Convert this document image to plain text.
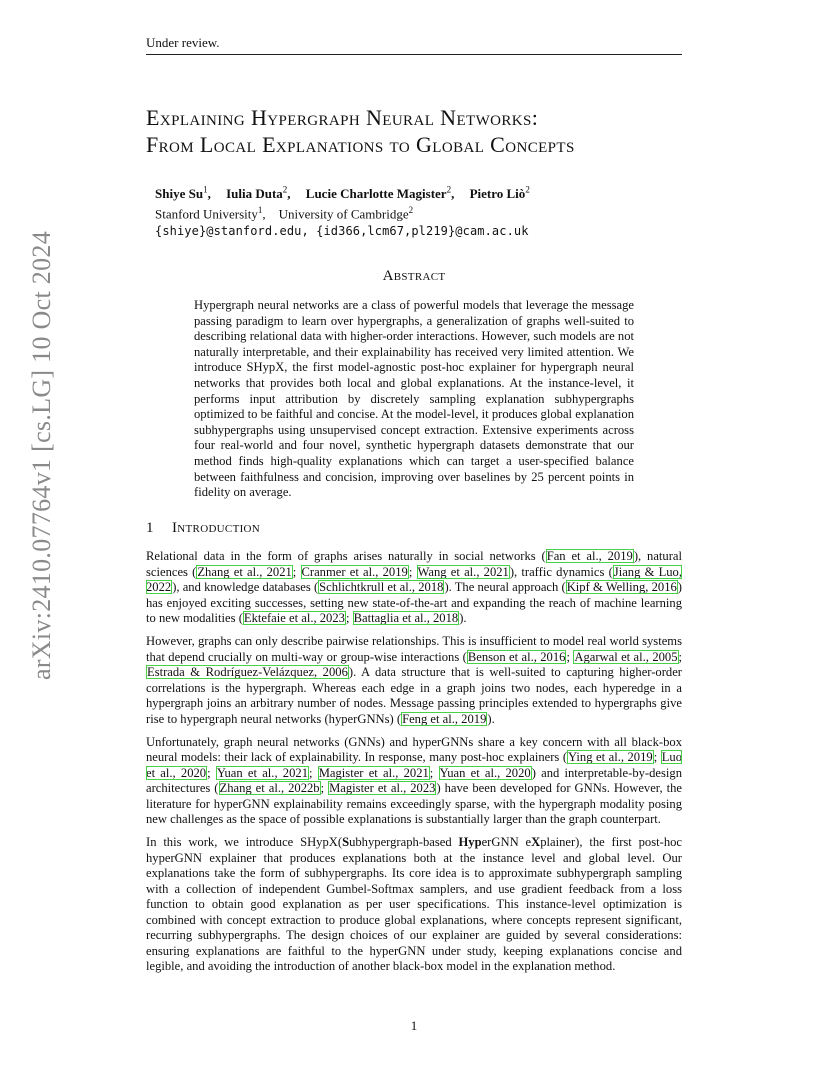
Under review.
arXiv:2410.07764v1 [cs.LG] 10 Oct 2024
Explaining Hypergraph Neural Networks:
From Local Explanations to Global Concepts
Shiye Su$^1$, Iulia Duta$^2$, Lucie Charlotte Magister$^2$, Pietro Liò$^2$
Stanford University$^1$,    University of Cambridge$^2$
{shiye}@stanford.edu, {id366,lcm67,pl219}@cam.ac.uk
Abstract
Hypergraph neural networks are a class of powerful models that leverage the message passing paradigm to learn over hypergraphs, a generalization of graphs well-suited to describing relational data with higher-order interactions. However, such models are not naturally interpretable, and their explainability has received very limited attention. We introduce SHypX, the first model-agnostic post-hoc explainer for hypergraph neural networks that provides both local and global explanations. At the instance-level, it performs input attribution by discretely sampling explanation subhypergraphs optimized to be faithful and concise. At the model-level, it produces global explanation subhypergraphs using unsupervised concept extraction. Extensive experiments across four real-world and four novel, synthetic hypergraph datasets demonstrate that our method finds high-quality explanations which can target a user-specified balance between faithfulness and concision, improving over baselines by 25 percent points in fidelity on average.
1 Introduction

Relational data in the form of graphs arises naturally in social networks (Fan et al., 2019), natural sciences (Zhang et al., 2021; Cranmer et al., 2019; Wang et al., 2021), traffic dynamics (Jiang & Luo, 2022), and knowledge databases (Schlichtkrull et al., 2018). The neural approach (Kipf & Welling, 2016) has enjoyed exciting successes, setting new state-of-the-art and expanding the reach of machine learning to new modalities (Ektefaie et al., 2023; Battaglia et al., 2018).

However, graphs can only describe pairwise relationships. This is insufficient to model real world systems that depend crucially on multi-way or group-wise interactions (Benson et al., 2016; Agarwal et al., 2005; Estrada & Rodríguez-Velázquez, 2006). A data structure that is well-suited to capturing higher-order correlations is the hypergraph. Whereas each edge in a graph joins two nodes, each hyperedge in a hypergraph joins an arbitrary number of nodes. Message passing principles extended to hypergraphs give rise to hypergraph neural networks (hyperGNNs) (Feng et al., 2019).

Unfortunately, graph neural networks (GNNs) and hyperGNNs share a key concern with all black-box neural models: their lack of explainability. In response, many post-hoc explainers (Ying et al., 2019; Luo et al., 2020; Yuan et al., 2021; Magister et al., 2021; Yuan et al., 2020) and interpretable-by-design architectures (Zhang et al., 2022b; Magister et al., 2023) have been developed for GNNs. However, the literature for hyperGNN explainability remains exceedingly sparse, with the hypergraph modality posing new challenges as the space of possible explanations is substantially larger than the graph counterpart.

In this work, we introduce SHypX(Subhypergraph-based HyperGNN eXplainer), the first post-hoc hyperGNN explainer that produces explanations both at the instance level and global level. Our explanations take the form of subhypergraphs. Its core idea is to approximate subhypergraph sampling with a collection of independent Gumbel-Softmax samplers, and use gradient feedback from a loss function to obtain good explanation as per user specifications. This instance-level optimization is combined with concept extraction to produce global explanations, where concepts represent significant, recurring subhypergraphs. The design choices of our explainer are guided by several considerations: ensuring explanations are faithful to the hyperGNN under study, keeping explanations concise and legible, and avoiding the introduction of another black-box model in the explanation method.

1
